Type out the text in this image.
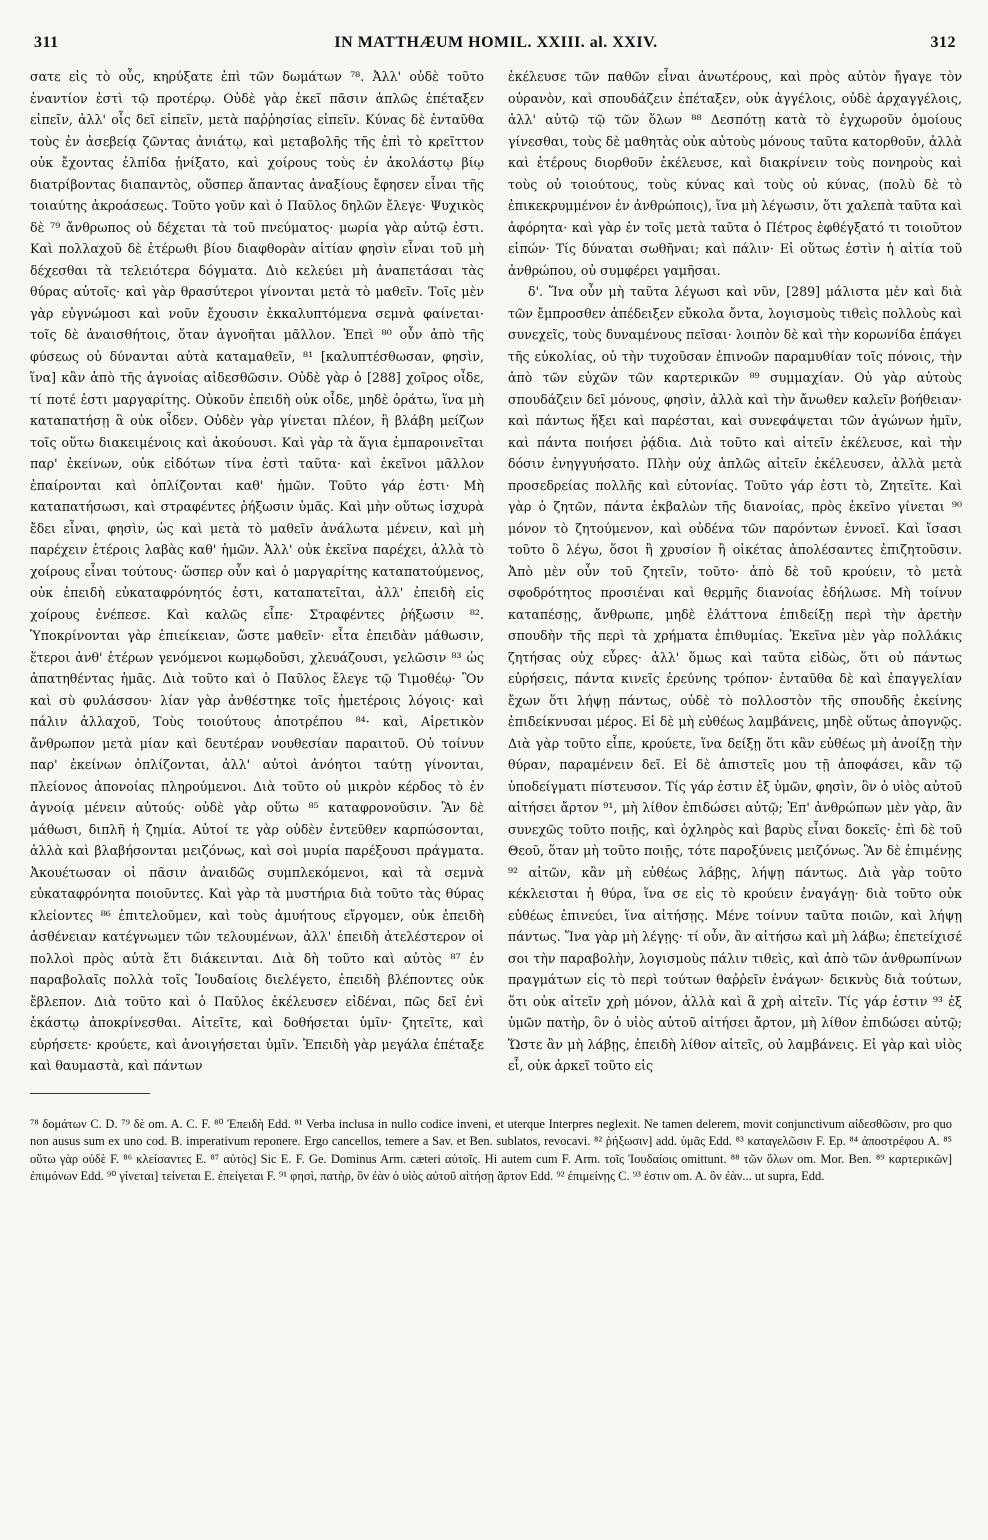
311	IN MATTHÆUM HOMIL. XXIII. al. XXIV.	312

σατε εἰς τὸ οὖς, κηρύξατε ἐπὶ τῶν δωμάτων ⁷⁸. Ἀλλ' οὐδὲ τοῦτο ἐναντίον ἐστὶ τῷ προτέρῳ. Οὐδὲ γὰρ ἐκεῖ πᾶσιν ἁπλῶς ἐπέταξεν εἰπεῖν, ἀλλ' οἷς δεῖ εἰπεῖν, μετὰ παῤῥησίας εἰπεῖν. Κύνας δὲ ἐνταῦθα τοὺς ἐν ἀσεβείᾳ ζῶντας ἀνιάτῳ, καὶ μεταβολῆς τῆς ἐπὶ τὸ κρεῖττον οὐκ ἔχοντας ἐλπίδα ᾐνίξατο, καὶ χοίρους τοὺς ἐν ἀκολάστῳ βίῳ διατρίβοντας διαπαντὸς, οὕσπερ ἅπαντας ἀναξίους ἔφησεν εἶναι τῆς τοιαύτης ἀκροάσεως. Τοῦτο γοῦν καὶ ὁ Παῦλος δηλῶν ἔλεγε· Ψυχικὸς δὲ ⁷⁹ ἄνθρωπος οὐ δέχεται τὰ τοῦ πνεύματος· μωρία γὰρ αὐτῷ ἐστι. Καὶ πολλαχοῦ δὲ ἑτέρωθι βίου διαφθορὰν αἰτίαν φησὶν εἶναι τοῦ μὴ δέχεσθαι τὰ τελειότερα δόγματα. Διὸ κελεύει μὴ ἀναπετάσαι τὰς θύρας αὐτοῖς· καὶ γὰρ θρασύτεροι γίνονται μετὰ τὸ μαθεῖν. Τοῖς μὲν γὰρ εὐγνώμοσι καὶ νοῦν ἔχουσιν ἐκκαλυπτόμενα σεμνὰ φαίνεται· τοῖς δὲ ἀναισθήτοις, ὅταν ἀγνοῆται μᾶλλον. Ἐπεὶ ⁸⁰ οὖν ἀπὸ τῆς φύσεως οὐ δύνανται αὐτὰ καταμαθεῖν, ⁸¹ [καλυπτέσθωσαν, φησὶν, ἵνα] κἂν ἀπὸ τῆς ἀγνοίας αἰδεσθῶσιν. Οὐδὲ γὰρ ὁ [288] χοῖρος οἶδε, τί ποτέ ἐστι μαργαρίτης. Οὐκοῦν ἐπειδὴ οὐκ οἶδε, μηδὲ ὁράτω, ἵνα μὴ καταπατήσῃ ἃ οὐκ οἶδεν. Οὐδὲν γὰρ γίνεται πλέον, ἢ βλάβη μείζων τοῖς οὕτω διακειμένοις καὶ ἀκούουσι. Καὶ γὰρ τὰ ἅγια ἐμπαροινεῖται παρ' ἐκείνων, οὐκ εἰδότων τίνα ἐστὶ ταῦτα· καὶ ἐκεῖνοι μᾶλλον ἐπαίρονται καὶ ὁπλίζονται καθ' ἡμῶν. Τοῦτο γάρ ἐστι· Μὴ καταπατήσωσι, καὶ στραφέντες ῥήξωσιν ὑμᾶς. Καὶ μὴν οὕτως ἰσχυρὰ ἔδει εἶναι, φησὶν, ὡς καὶ μετὰ τὸ μαθεῖν ἀνάλωτα μένειν, καὶ μὴ παρέχειν ἑτέροις λαβὰς καθ' ἡμῶν. Ἀλλ' οὐκ ἐκεῖνα παρέχει, ἀλλὰ τὸ χοίρους εἶναι τούτους· ὥσπερ οὖν καὶ ὁ μαργαρίτης καταπατούμενος, οὐκ ἐπειδὴ εὐκαταφρόνητός ἐστι, καταπατεῖται, ἀλλ' ἐπειδὴ εἰς χοίρους ἐνέπεσε. Καὶ καλῶς εἶπε· Στραφέντες ῥήξωσιν ⁸². Ὑποκρίνονται γὰρ ἐπιείκειαν, ὥστε μαθεῖν· εἶτα ἐπειδὰν μάθωσιν, ἕτεροι ἀνθ' ἑτέρων γενόμενοι κωμῳδοῦσι, χλευάζουσι, γελῶσιν ⁸³ ὡς ἀπατηθέντας ἡμᾶς. Διὰ τοῦτο καὶ ὁ Παῦλος ἔλεγε τῷ Τιμοθέῳ· Ὃν καὶ σὺ φυλάσσου· λίαν γὰρ ἀνθέστηκε τοῖς ἡμετέροις λόγοις· καὶ πάλιν ἀλλαχοῦ, Τοὺς τοιούτους ἀποτρέπου ⁸⁴· καὶ, Αἱρετικὸν ἄνθρωπον μετὰ μίαν καὶ δευτέραν νουθεσίαν παραιτοῦ. Οὐ τοίνυν παρ' ἐκείνων ὁπλίζονται, ἀλλ' αὐτοὶ ἀνόητοι ταύτῃ γίνονται, πλείονος ἀπονοίας πληρούμενοι. Διὰ τοῦτο οὐ μικρὸν κέρδος τὸ ἐν ἀγνοίᾳ μένειν αὐτούς· οὐδὲ γὰρ οὕτω ⁸⁵ καταφρονοῦσιν. Ἂν δὲ μάθωσι, διπλῆ ἡ ζημία. Αὐτοί τε γὰρ οὐδὲν ἐντεῦθεν καρπώσονται, ἀλλὰ καὶ βλαβήσονται μειζόνως, καὶ σοὶ μυρία παρέξουσι πράγματα. Ἀκουέτωσαν οἱ πᾶσιν ἀναιδῶς συμπλεκόμενοι, καὶ τὰ σεμνὰ εὐκαταφρόνητα ποιοῦντες. Καὶ γὰρ τὰ μυστήρια διὰ τοῦτο τὰς θύρας κλείοντες ⁸⁶ ἐπιτελοῦμεν, καὶ τοὺς ἀμυήτους εἴργομεν, οὐκ ἐπειδὴ ἀσθένειαν κατέγνωμεν τῶν τελουμένων, ἀλλ' ἐπειδὴ ἀτελέστερον οἱ πολλοὶ πρὸς αὐτὰ ἔτι διάκεινται. Διὰ δὴ τοῦτο καὶ αὐτὸς ⁸⁷ ἐν παραβολαῖς πολλὰ τοῖς Ἰουδαίοις διελέγετο, ἐπειδὴ βλέποντες οὐκ ἔβλεπον. Διὰ τοῦτο καὶ ὁ Παῦλος ἐκέλευσεν εἰδέναι, πῶς δεῖ ἑνὶ ἑκάστῳ ἀποκρίνεσθαι. Αἰτεῖτε, καὶ δοθήσεται ὑμῖν· ζητεῖτε, καὶ εὑρήσετε· κρούετε, καὶ ἀνοιγήσεται ὑμῖν. Ἐπειδὴ γὰρ μεγάλα ἐπέταξε καὶ θαυμαστὰ, καὶ πάντων

ἐκέλευσε τῶν παθῶν εἶναι ἀνωτέρους, καὶ πρὸς αὐτὸν ἤγαγε τὸν οὐρανὸν, καὶ σπουδάζειν ἐπέταξεν, οὐκ ἀγγέλοις, οὐδὲ ἀρχαγγέλοις, ἀλλ' αὐτῷ τῷ τῶν ὅλων ⁸⁸ Δεσπότῃ κατὰ τὸ ἐγχωροῦν ὁμοίους γίνεσθαι, τοὺς δὲ μαθητὰς οὐκ αὐτοὺς μόνους ταῦτα κατορθοῦν, ἀλλὰ καὶ ἑτέρους διορθοῦν ἐκέλευσε, καὶ διακρίνειν τοὺς πονηροὺς καὶ τοὺς οὐ τοιούτους, τοὺς κύνας καὶ τοὺς οὐ κύνας, (πολὺ δὲ τὸ ἐπικεκρυμμένον ἐν ἀνθρώποις), ἵνα μὴ λέγωσιν, ὅτι χαλεπὰ ταῦτα καὶ ἀφόρητα· καὶ γὰρ ἐν τοῖς μετὰ ταῦτα ὁ Πέτρος ἐφθέγξατό τι τοιοῦτον εἰπών· Τίς δύναται σωθῆναι; καὶ πάλιν· Εἰ οὕτως ἐστὶν ἡ αἰτία τοῦ ἀνθρώπου, οὐ συμφέρει γαμῆσαι.

δ'. Ἵνα οὖν μὴ ταῦτα λέγωσι καὶ νῦν, [289] μάλιστα μὲν καὶ διὰ τῶν ἔμπροσθεν ἀπέδειξεν εὔκολα ὄντα, λογισμοὺς τιθεὶς πολλοὺς καὶ συνεχεῖς, τοὺς δυναμένους πεῖσαι· λοιπὸν δὲ καὶ τὴν κορωνίδα ἐπάγει τῆς εὐκολίας, οὐ τὴν τυχοῦσαν ἐπινοῶν παραμυθίαν τοῖς πόνοις, τὴν ἀπὸ τῶν εὐχῶν τῶν καρτερικῶν ⁸⁹ συμμαχίαν. Οὐ γὰρ αὐτοὺς σπουδάζειν δεῖ μόνους, φησὶν, ἀλλὰ καὶ τὴν ἄνωθεν καλεῖν βοήθειαν· καὶ πάντως ἥξει καὶ παρέσται, καὶ συνεφάψεται τῶν ἀγώνων ἡμῖν, καὶ πάντα ποιήσει ῥᾴδια. Διὰ τοῦτο καὶ αἰτεῖν ἐκέλευσε, καὶ τὴν δόσιν ἐνηγγυήσατο. Πλὴν οὐχ ἁπλῶς αἰτεῖν ἐκέλευσεν, ἀλλὰ μετὰ προσεδρείας πολλῆς καὶ εὐτονίας. Τοῦτο γάρ ἐστι τὸ, Ζητεῖτε. Καὶ γὰρ ὁ ζητῶν, πάντα ἐκβαλὼν τῆς διανοίας, πρὸς ἐκεῖνο γίνεται ⁹⁰ μόνον τὸ ζητούμενον, καὶ οὐδένα τῶν παρόντων ἐννοεῖ. Καὶ ἴσασι τοῦτο ὃ λέγω, ὅσοι ἢ χρυσίον ἢ οἰκέτας ἀπολέσαντες ἐπιζητοῦσιν. Ἀπὸ μὲν οὖν τοῦ ζητεῖν, τοῦτο· ἀπὸ δὲ τοῦ κρούειν, τὸ μετὰ σφοδρότητος προσιέναι καὶ θερμῆς διανοίας ἐδήλωσε. Μὴ τοίνυν καταπέσῃς, ἄνθρωπε, μηδὲ ἐλάττονα ἐπιδείξῃ περὶ τὴν ἀρετὴν σπουδὴν τῆς περὶ τὰ χρήματα ἐπιθυμίας. Ἐκεῖνα μὲν γὰρ πολλάκις ζητήσας οὐχ εὗρες· ἀλλ' ὅμως καὶ ταῦτα εἰδὼς, ὅτι οὐ πάντως εὑρήσεις, πάντα κινεῖς ἐρεύνης τρόπον· ἐνταῦθα δὲ καὶ ἐπαγγελίαν ἔχων ὅτι λήψῃ πάντως, οὐδὲ τὸ πολλοστὸν τῆς σπουδῆς ἐκείνης ἐπιδείκνυσαι μέρος. Εἰ δὲ μὴ εὐθέως λαμβάνεις, μηδὲ οὕτως ἀπογνῷς. Διὰ γὰρ τοῦτο εἶπε, κρούετε, ἵνα δείξῃ ὅτι κἂν εὐθέως μὴ ἀνοίξῃ τὴν θύραν, παραμένειν δεῖ. Εἰ δὲ ἀπιστεῖς μου τῇ ἀποφάσει, κἂν τῷ ὑποδείγματι πίστευσον. Τίς γάρ ἐστιν ἐξ ὑμῶν, φησὶν, ὃν ὁ υἱὸς αὐτοῦ αἰτήσει ἄρτον ⁹¹, μὴ λίθον ἐπιδώσει αὐτῷ; Ἐπ' ἀνθρώπων μὲν γὰρ, ἂν συνεχῶς τοῦτο ποιῇς, καὶ ὀχληρὸς καὶ βαρὺς εἶναι δοκεῖς· ἐπὶ δὲ τοῦ Θεοῦ, ὅταν μὴ τοῦτο ποιῇς, τότε παροξύνεις μειζόνως. Ἂν δὲ ἐπιμένῃς ⁹² αἰτῶν, κἂν μὴ εὐθέως λάβῃς, λήψῃ πάντως. Διὰ γὰρ τοῦτο κέκλεισται ἡ θύρα, ἵνα σε εἰς τὸ κρούειν ἐναγάγῃ· διὰ τοῦτο οὐκ εὐθέως ἐπινεύει, ἵνα αἰτήσῃς. Μένε τοίνυν ταῦτα ποιῶν, καὶ λήψῃ πάντως. Ἵνα γὰρ μὴ λέγῃς· τί οὖν, ἂν αἰτήσω καὶ μὴ λάβω; ἐπετείχισέ σοι τὴν παραβολὴν, λογισμοὺς πάλιν τιθεὶς, καὶ ἀπὸ τῶν ἀνθρωπίνων πραγμάτων εἰς τὸ περὶ τούτων θαῤῥεῖν ἐνάγων· δεικνὺς διὰ τούτων, ὅτι οὐκ αἰτεῖν χρὴ μόνον, ἀλλὰ καὶ ἃ χρὴ αἰτεῖν. Τίς γάρ ἐστιν ⁹³ ἐξ ὑμῶν πατὴρ, ὃν ὁ υἱὸς αὐτοῦ αἰτήσει ἄρτον, μὴ λίθον ἐπιδώσει αὐτῷ; Ὥστε ἂν μὴ λάβῃς, ἐπειδὴ λίθον αἰτεῖς, οὐ λαμβάνεις. Εἰ γὰρ καὶ υἱὸς εἶ, οὐκ ἀρκεῖ τοῦτο εἰς

⁷⁸ δομάτων C. D. ⁷⁹ δὲ om. A. C. F. ⁸⁰ Ἐπειδὴ Edd. ⁸¹ Verba inclusa in nullo codice inveni, et uterque Interpres neglexit. Ne tamen delerem, movit conjunctivum αἰδεσθῶσιν, pro quo non ausus sum ex uno cod. B. imperativum reponere. Ergo cancellos, temere a Sav. et Ben. sublatos, revocavi. ⁸² ῥήξωσιν] add. ὑμᾶς Edd. ⁸³ καταγελῶσιν F. Ep. ⁸⁴ ἀποστρέφου A. ⁸⁵ οὕτω γὰρ οὐδὲ F. ⁸⁶ κλείσαντες E. ⁸⁷ αὐτὸς] Sic E. F. Ge. Dominus Arm. cæteri αὐτοῖς. Hi autem cum F. Arm. τοῖς Ἰουδαίοις omittunt. ⁸⁸ τῶν ὅλων om. Mor. Ben. ⁸⁹ καρτερικῶν] ἐπιμόνων Edd. ⁹⁰ γίνεται] τείνεται E. ἐπείγεται F. ⁹¹ φησὶ, πατὴρ, ὃν ἐὰν ὁ υἱὸς αὐτοῦ αἰτήσῃ ἄρτον Edd. ⁹² ἐπιμείνῃς C. ⁹³ ἐστιν om. A. ὃν ἐὰν... ut supra, Edd.
